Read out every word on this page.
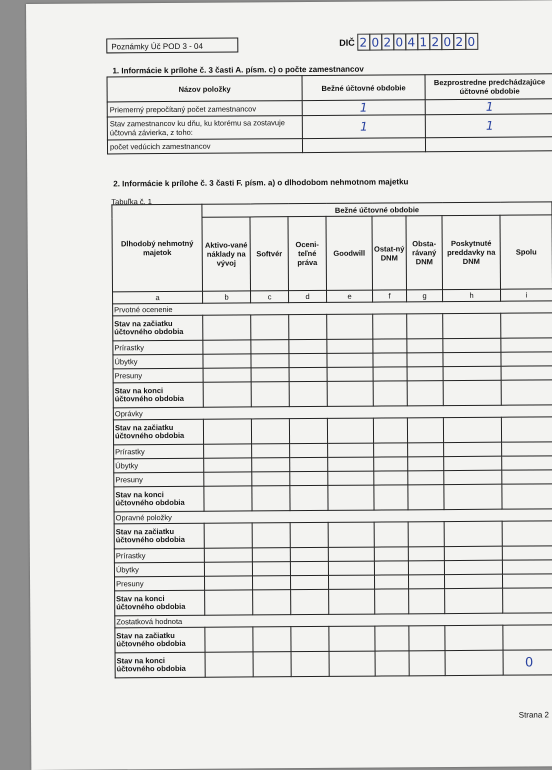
Poznámky Úč POD 3 - 04	DIČ 2 0 2 0 4 1 2 0 2 0
1. Informácie k prílohe č. 3 časti A. písm. c) o počte zamestnancov
Názov položky	Bežné účtovné obdobie	Bezprostredne predchádzajúce účtovné obdobie
Priemerný prepočítaný počet zamestnancov	1	1
Stav zamestnancov ku dňu, ku ktorému sa zostavuje účtovná závierka, z toho:	1	1
počet vedúcich zamestnancov		
2. Informácie k prílohe č. 3 časti F. písm. a) o dlhodobom nehmotnom majetku
Tabuľka č. 1
Dlhodobý nehmotný majetok	Bežné účtovné obdobie							
	Aktivo-vané náklady na vývoj	Softvér	Oceni-teľné práva	Goodwill	Ostat-ný DNM	Obsta-rávaný DNM	Poskytnuté preddavky na DNM	Spolu
a	b	c	d	e	f	g	h	i
Prvotné ocenenie								
Stav na začiatku účtovného obdobia								
Prírastky								
Úbytky								
Presuny								
Stav na konci účtovného obdobia								
Oprávky								
Stav na začiatku účtovného obdobia								
Prírastky								
Úbytky								
Presuny								
Stav na konci účtovného obdobia								
Opravné položky								
Stav na začiatku účtovného obdobia								
Prírastky								
Úbytky								
Presuny								
Stav na konci účtovného obdobia								
Zostatková hodnota								
Stav na začiatku účtovného obdobia								
Stav na konci účtovného obdobia								0
Strana 2
